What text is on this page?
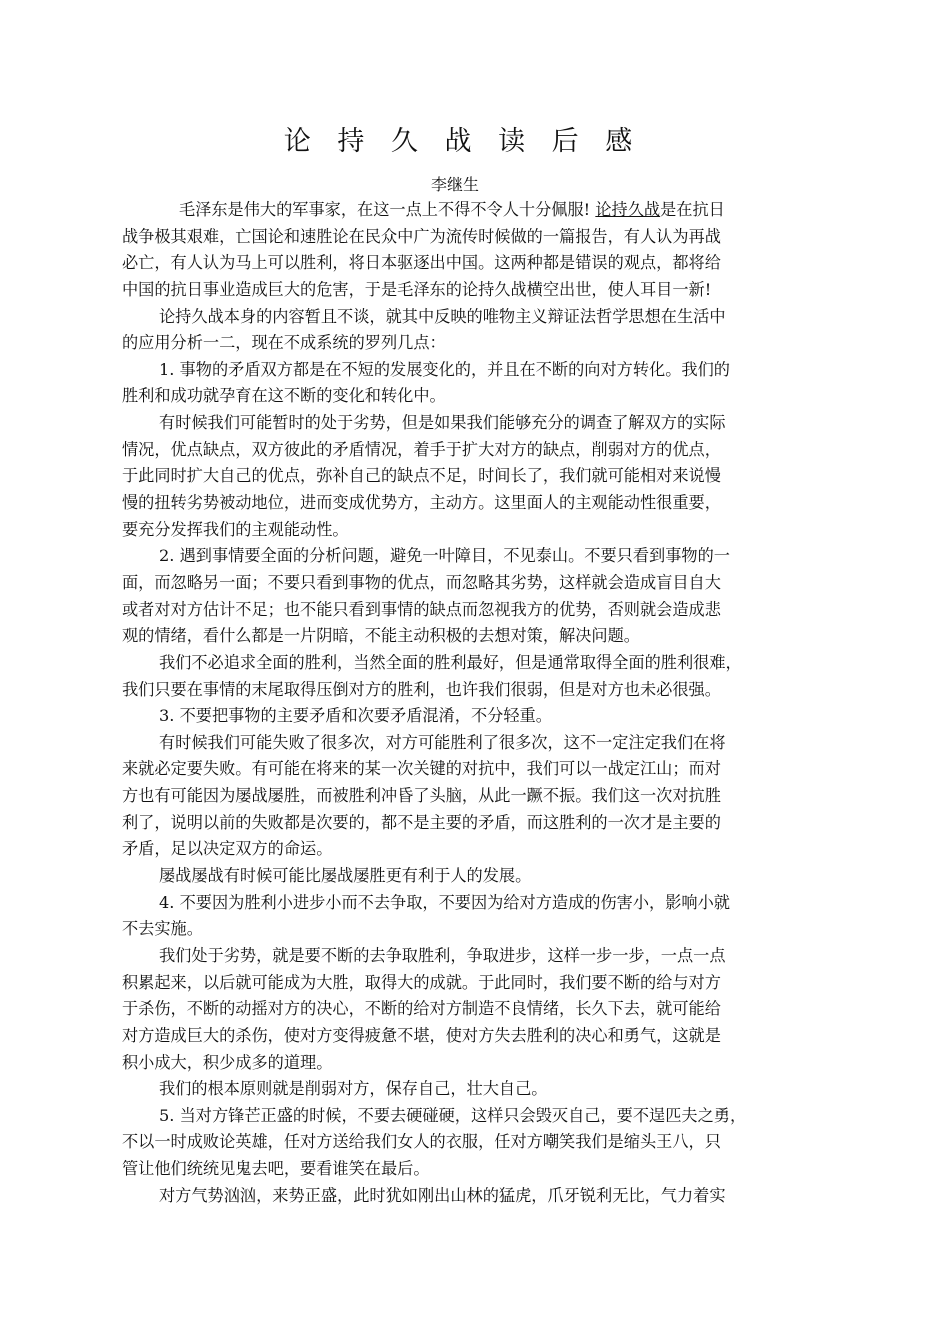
论 持 久 战 读 后 感
李继生
毛泽东是伟大的军事家，在这一点上不得不令人十分佩服! 论持久战是在抗日
战争极其艰难，亡国论和速胜论在民众中广为流传时候做的一篇报告，有人认为再战
必亡，有人认为马上可以胜利，将日本驱逐出中国。这两种都是错误的观点，都将给
中国的抗日事业造成巨大的危害，于是毛泽东的论持久战横空出世，使人耳目一新!
论持久战本身的内容暂且不谈，就其中反映的唯物主义辩证法哲学思想在生活中
的应用分析一二，现在不成系统的罗列几点：
1. 事物的矛盾双方都是在不短的发展变化的，并且在不断的向对方转化。我们的
胜利和成功就孕育在这不断的变化和转化中。
有时候我们可能暂时的处于劣势，但是如果我们能够充分的调查了解双方的实际
情况，优点缺点，双方彼此的矛盾情况，着手于扩大对方的缺点，削弱对方的优点，
于此同时扩大自己的优点，弥补自己的缺点不足，时间长了，我们就可能相对来说慢
慢的扭转劣势被动地位，进而变成优势方，主动方。这里面人的主观能动性很重要，
要充分发挥我们的主观能动性。
2. 遇到事情要全面的分析问题，避免一叶障目，不见泰山。不要只看到事物的一
面，而忽略另一面；不要只看到事物的优点，而忽略其劣势，这样就会造成盲目自大
或者对对方估计不足；也不能只看到事情的缺点而忽视我方的优势，否则就会造成悲
观的情绪，看什么都是一片阴暗，不能主动积极的去想对策，解决问题。
我们不必追求全面的胜利，当然全面的胜利最好，但是通常取得全面的胜利很难，
我们只要在事情的末尾取得压倒对方的胜利，也许我们很弱，但是对方也未必很强。
3. 不要把事物的主要矛盾和次要矛盾混淆，不分轻重。
有时候我们可能失败了很多次，对方可能胜利了很多次，这不一定注定我们在将
来就必定要失败。有可能在将来的某一次关键的对抗中，我们可以一战定江山；而对
方也有可能因为屡战屡胜，而被胜利冲昏了头脑，从此一蹶不振。我们这一次对抗胜
利了，说明以前的失败都是次要的，都不是主要的矛盾，而这胜利的一次才是主要的
矛盾，足以决定双方的命运。
屡战屡战有时候可能比屡战屡胜更有利于人的发展。
4. 不要因为胜利小进步小而不去争取，不要因为给对方造成的伤害小，影响小就
不去实施。
我们处于劣势，就是要不断的去争取胜利，争取进步，这样一步一步，一点一点
积累起来，以后就可能成为大胜，取得大的成就。于此同时，我们要不断的给与对方
于杀伤，不断的动摇对方的决心，不断的给对方制造不良情绪，长久下去，就可能给
对方造成巨大的杀伤，使对方变得疲惫不堪，使对方失去胜利的决心和勇气，这就是
积小成大，积少成多的道理。
我们的根本原则就是削弱对方，保存自己，壮大自己。
5. 当对方锋芒正盛的时候，不要去硬碰硬，这样只会毁灭自己，要不逞匹夫之勇，
不以一时成败论英雄，任对方送给我们女人的衣服，任对方嘲笑我们是缩头王八，只
管让他们统统见鬼去吧，要看谁笑在最后。
对方气势汹汹，来势正盛，此时犹如刚出山林的猛虎，爪牙锐利无比，气力着实
